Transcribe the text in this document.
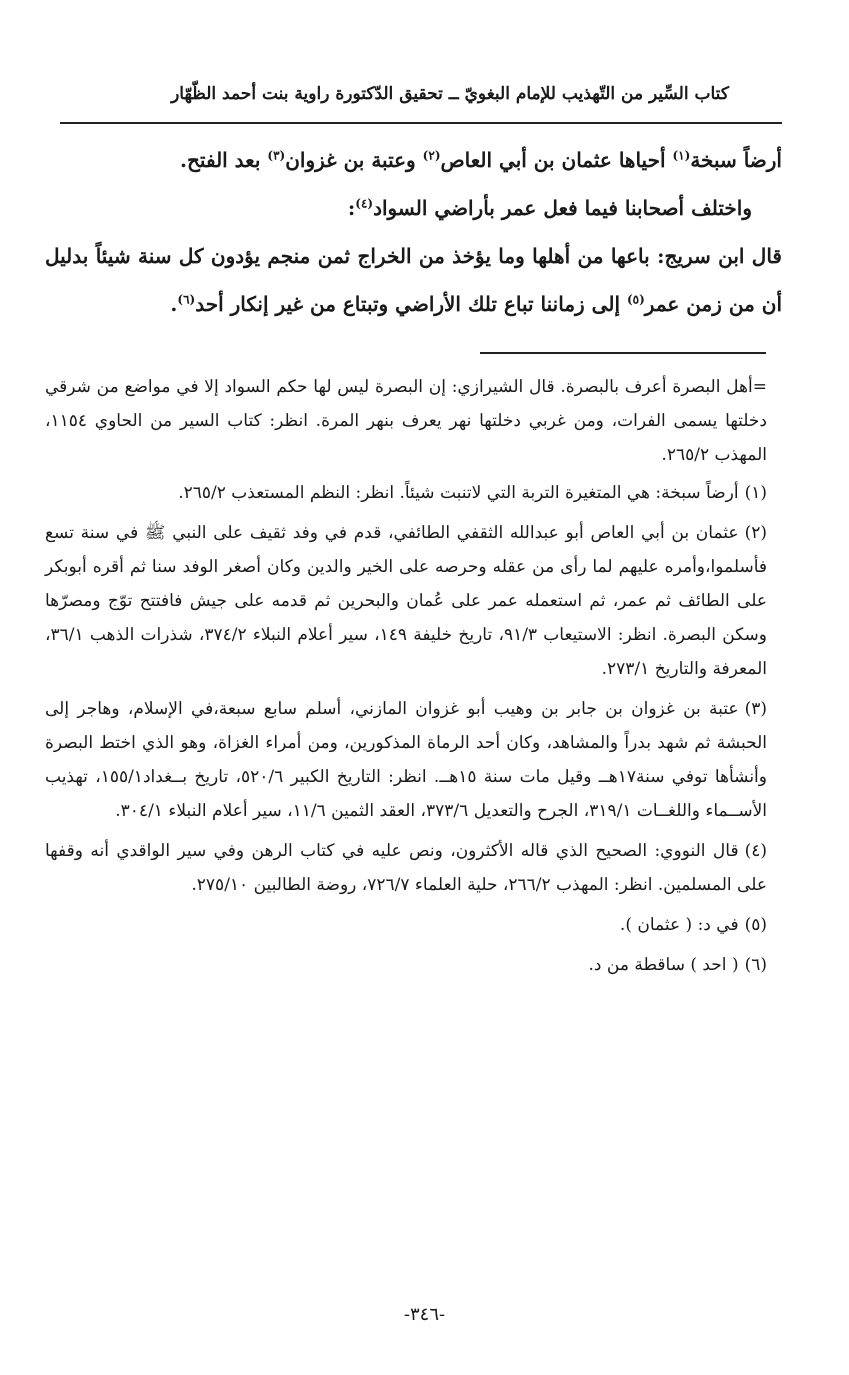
كتاب السِّير من التّهذيب للإمام البغويّ ــ تحقيق الدّكتورة راوية بنت أحمد الظّهّار

أرضاً سبخة$^{(١)}$ أحياها عثمان بن أبي العاص$^{(٢)}$ وعتبة بن غزوان$^{(٣)}$ بعد الفتح.

واختلف أصحابنا فيما فعل عمر بأراضي السواد$^{(٤)}$:

قال ابن سريج: باعها من أهلها وما يؤخذ من الخراج ثمن منجم يؤدون كل سنة شيئاً بدليل أن من زمن عمر$^{(٥)}$ إلى زماننا تباع تلك الأراضي وتبتاع من غير إنكار أحد$^{(٦)}$.

=أهل البصرة أعرف بالبصرة. قال الشيرازي: إن البصرة ليس لها حكم السواد إلا في مواضع من شرقي دخلتها يسمى الفرات، ومن غربي دخلتها نهر يعرف بنهر المرة. انظر: كتاب السير من الحاوي ١١٥٤، المهذب ٢٦٥/٢.

(١)أرضاً سبخة: هي المتغيرة التربة التي لاتنبت شيئاً. انظر: النظم المستعذب ٢٦٥/٢.

(٢)عثمان بن أبي العاص أبو عبدالله الثقفي الطائفي، قدم في وفد ثقيف على النبي ﷺ في سنة تسع فأسلموا،وأمره عليهم لما رأى من عقله وحرصه على الخير والدين وكان أصغر الوفد سنا ثم أقره أبوبكر على الطائف ثم عمر، ثم استعمله عمر على عُمان والبحرين ثم قدمه على جيش فافتتح توّج ومصرّها وسكن البصرة. انظر: الاستيعاب ٩١/٣، تاريخ خليفة ١٤٩، سير أعلام النبلاء ٣٧٤/٢، شذرات الذهب ٣٦/١، المعرفة والتاريخ ٢٧٣/١.

(٣)عتبة بن غزوان بن جابر بن وهيب أبو غزوان المازني، أسلم سابع سبعة،في الإسلام، وهاجر إلى الحبشة ثم شهد بدراً والمشاهد، وكان أحد الرماة المذكورين، ومن أمراء الغزاة، وهو الذي اختط البصرة وأنشأها توفي سنة١٧هــ وقيل مات سنة ١٥هــ. انظر: التاريخ الكبير ٥٢٠/٦، تاريخ بــغداد١٥٥/١، تهذيب الأســماء واللغــات ٣١٩/١، الجرح والتعديل ٣٧٣/٦، العقد الثمين ١١/٦، سير أعلام النبلاء ٣٠٤/١.

(٤)قال النووي: الصحيح الذي قاله الأكثرون، ونص عليه في كتاب الرهن وفي سير الواقدي أنه وقفها على المسلمين. انظر: المهذب ٢٦٦/٢، حلية العلماء ٧٢٦/٧، روضة الطالبين ٢٧٥/١٠.

(٥)في د: ( عثمان ).

(٦)( احد ) ساقطة من د.

-٣٤٦-
